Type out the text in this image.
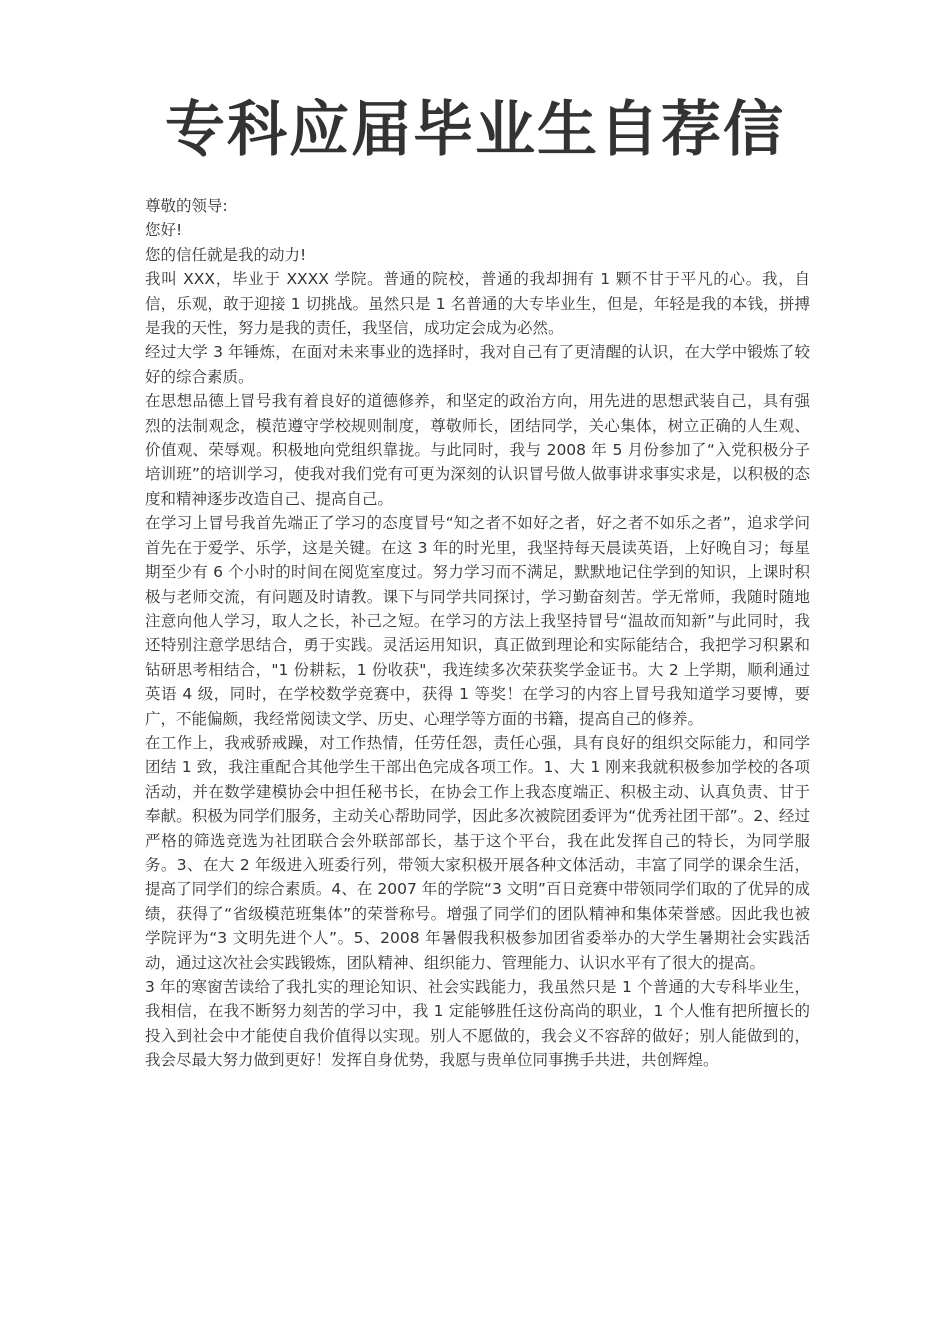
专科应届毕业生自荐信

尊敬的领导:

您好!

您的信任就是我的动力!

我叫 XXX，毕业于 XXXX 学院。普通的院校，普通的我却拥有 1 颗不甘于平凡的心。我，自信，乐观，敢于迎接 1 切挑战。虽然只是 1 名普通的大专毕业生，但是，年轻是我的本钱，拼搏是我的天性，努力是我的责任，我坚信，成功定会成为必然。

经过大学 3 年锤炼，在面对未来事业的选择时，我对自己有了更清醒的认识，在大学中锻炼了较好的综合素质。

在思想品德上冒号我有着良好的道德修养，和坚定的政治方向，用先进的思想武装自己，具有强烈的法制观念，模范遵守学校规则制度，尊敬师长，团结同学，关心集体，树立正确的人生观、价值观、荣辱观。积极地向党组织靠拢。与此同时，我与 2008 年 5 月份参加了“入党积极分子培训班”的培训学习，使我对我们党有可更为深刻的认识冒号做人做事讲求事实求是，以积极的态度和精神逐步改造自己、提高自己。

在学习上冒号我首先端正了学习的态度冒号“知之者不如好之者，好之者不如乐之者”，追求学问首先在于爱学、乐学，这是关键。在这 3 年的时光里，我坚持每天晨读英语，上好晚自习；每星期至少有 6 个小时的时间在阅览室度过。努力学习而不满足，默默地记住学到的知识，上课时积极与老师交流，有问题及时请教。课下与同学共同探讨，学习勤奋刻苦。学无常师，我随时随地注意向他人学习，取人之长，补己之短。在学习的方法上我坚持冒号“温故而知新”与此同时，我还特别注意学思结合，勇于实践。灵活运用知识，真正做到理论和实际能结合，我把学习积累和钻研思考相结合，"1 份耕耘，1 份收获"，我连续多次荣获奖学金证书。大 2 上学期，顺利通过英语 4 级，同时，在学校数学竞赛中，获得 1 等奖！在学习的内容上冒号我知道学习要博，要广，不能偏颇，我经常阅读文学、历史、心理学等方面的书籍，提高自己的修养。

在工作上，我戒骄戒躁，对工作热情，任劳任怨，责任心强，具有良好的组织交际能力，和同学团结 1 致，我注重配合其他学生干部出色完成各项工作。1、大 1 刚来我就积极参加学校的各项活动，并在数学建模协会中担任秘书长，在协会工作上我态度端正、积极主动、认真负责、甘于奉献。积极为同学们服务，主动关心帮助同学，因此多次被院团委评为“优秀社团干部”。2、经过严格的筛选竞选为社团联合会外联部部长，基于这个平台，我在此发挥自己的特长，为同学服务。3、在大 2 年级进入班委行列，带领大家积极开展各种文体活动，丰富了同学的课余生活，提高了同学们的综合素质。4、在 2007 年的学院“3 文明”百日竞赛中带领同学们取的了优异的成绩，获得了“省级模范班集体”的荣誉称号。增强了同学们的团队精神和集体荣誉感。因此我也被学院评为“3 文明先进个人”。5、2008 年暑假我积极参加团省委举办的大学生暑期社会实践活动，通过这次社会实践锻炼，团队精神、组织能力、管理能力、认识水平有了很大的提高。

3 年的寒窗苦读给了我扎实的理论知识、社会实践能力，我虽然只是 1 个普通的大专科毕业生，我相信，在我不断努力刻苦的学习中，我 1 定能够胜任这份高尚的职业，1 个人惟有把所擅长的投入到社会中才能使自我价值得以实现。别人不愿做的，我会义不容辞的做好；别人能做到的，我会尽最大努力做到更好！发挥自身优势，我愿与贵单位同事携手共进，共创辉煌。
